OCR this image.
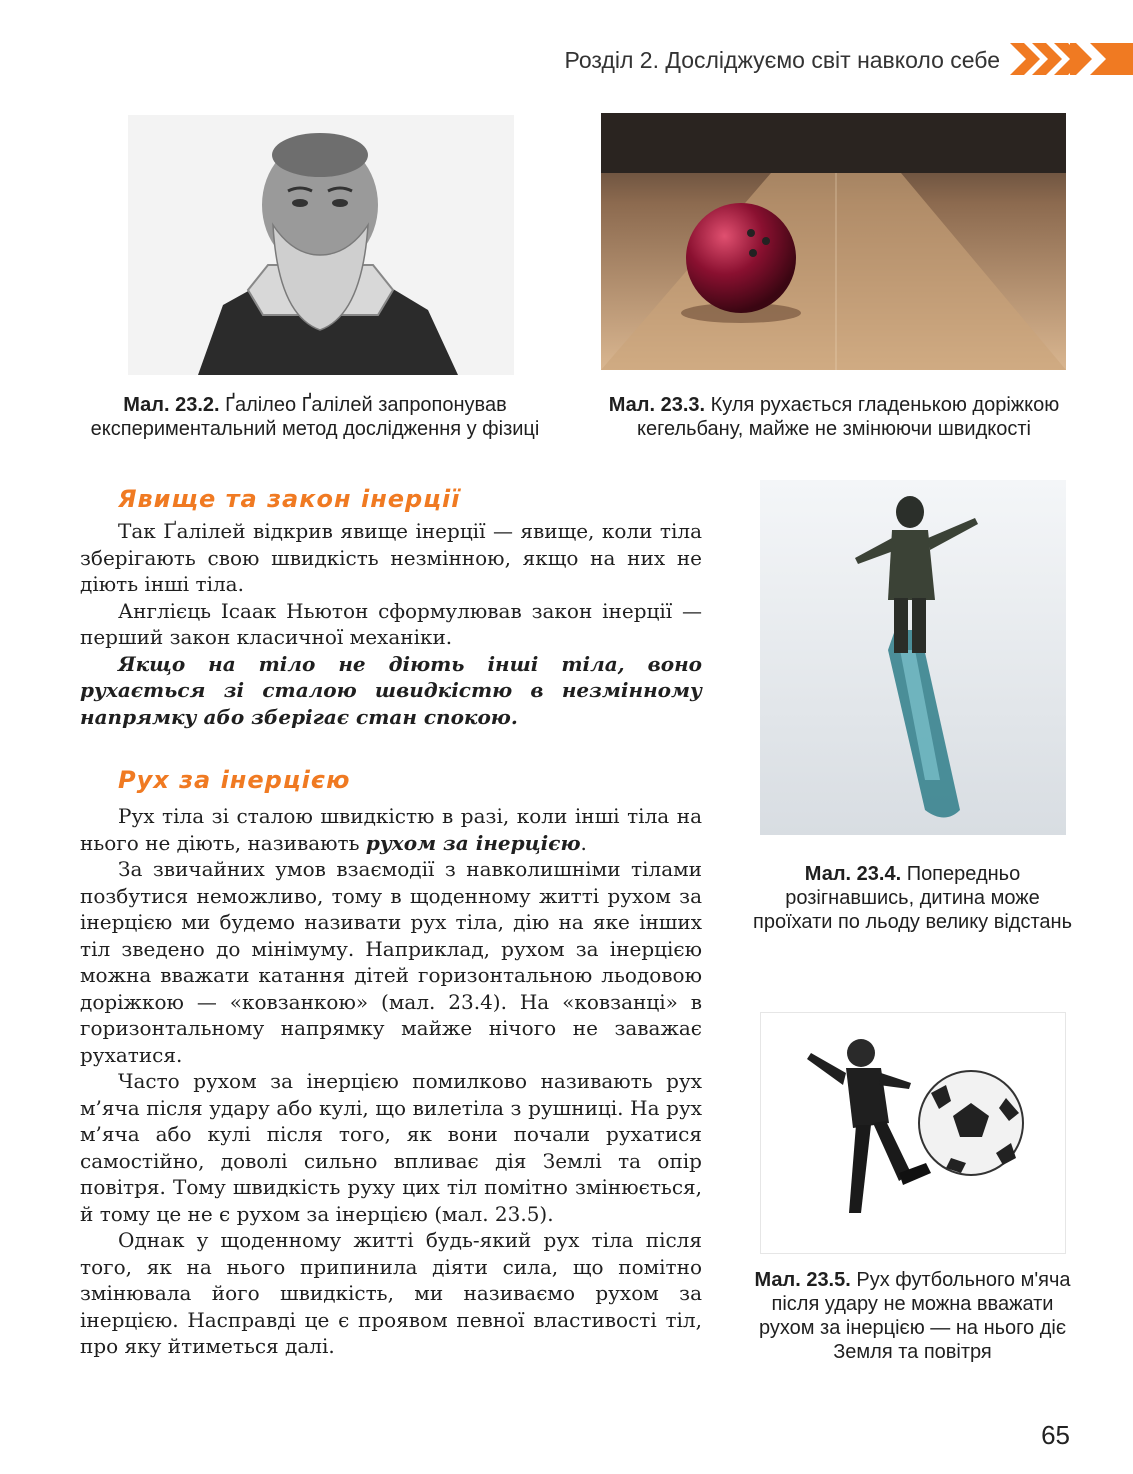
Розділ 2. Досліджуємо світ навколо себе
Мал. 23.2. Ґалілео Ґалілей запропонував експериментальний метод дослідження у фізиці
Мал. 23.3. Куля рухається гладенькою доріжкою кегельбану, майже не змінюючи швидкості
Явище та закон інерції

Так Ґалілей відкрив явище інерції — явище, коли тіла зберігають свою швидкість незмінною, якщо на них не діють інші тіла.

Англієць Ісаак Ньютон сформулював закон інерції — перший закон класичної механіки.

Якщо на тіло не діють інші тіла, воно рухається зі сталою швидкістю в незмінному напрямку або зберігає стан спокою.

Мал. 23.4. Попередньо розігнавшись, дитина може проїхати по льоду велику відстань
Рух за інерцією

Рух тіла зі сталою швидкістю в разі, коли інші тіла на нього не діють, називають рухом за інерцією.

За звичайних умов взаємодії з навколишніми тілами позбутися неможливо, тому в щоденному житті рухом за інерцією ми будемо називати рух тіла, дію на яке інших тіл зведено до мінімуму. Наприклад, рухом за інерцією можна вважати катання дітей горизонтальною льодовою доріжкою — «ковзанкою» (мал. 23.4). На «ковзанці» в горизонтальному напрямку майже нічого не заважає рухатися.

Часто рухом за інерцією помилково називають рух м’яча після удару або кулі, що вилетіла з рушниці. На рух м’яча або кулі після того, як вони почали рухатися самостійно, доволі сильно впливає дія Землі та опір повітря. Тому швидкість руху цих тіл помітно змінюється, й тому це не є рухом за інерцією (мал. 23.5).

Однак у щоденному житті будь-який рух тіла після того, як на нього припинила діяти сила, що помітно змінювала його швидкість, ми називаємо рухом за інерцією. Насправді це є проявом певної властивості тіл, про яку йтиметься далі.

Мал. 23.5. Рух футбольного м'яча після удару не можна вважати рухом за інерцією — на нього діє Земля та повітря
65
